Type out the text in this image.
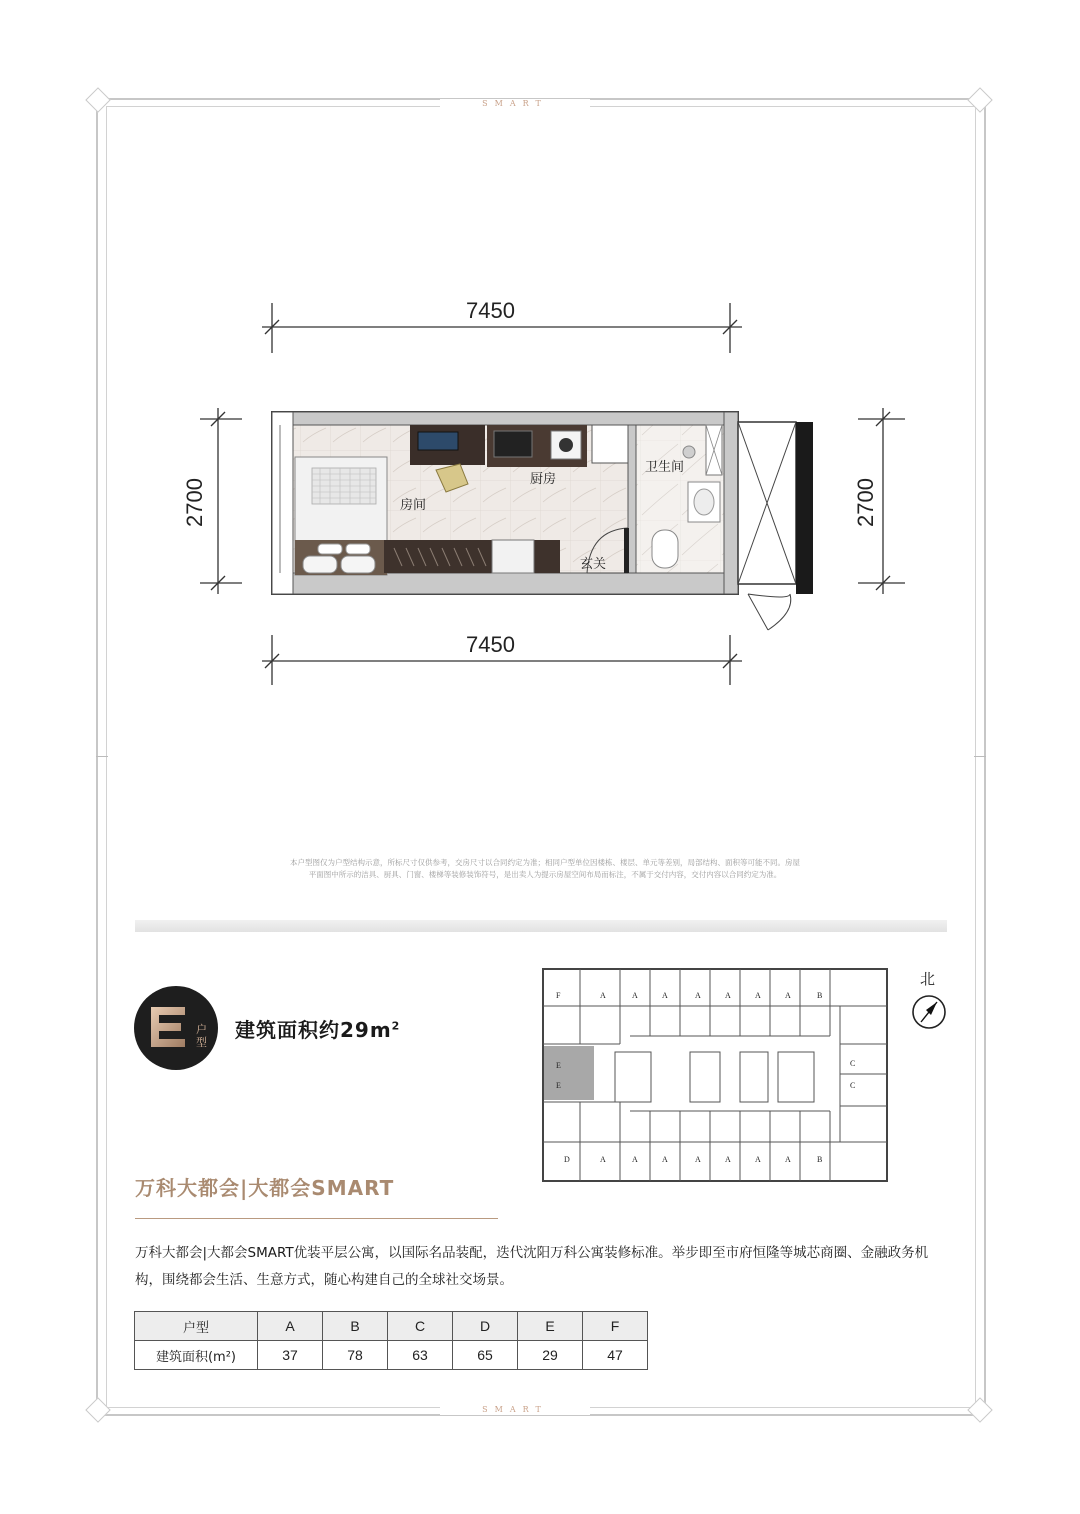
SMART
SMART
7450
7450
2700	2700
房间
厨房
卫生间
玄关
本户型图仅为户型结构示意，所标尺寸仅供参考，交房尺寸以合同约定为准；相同户型单位因楼栋、楼层、单元等差别，局部结构、面积等可能不同。房屋
平面图中所示的洁具、厨具、门窗、楼梯等装修装饰符号，是出卖人为提示房屋空间布局而标注，不属于交付内容，交付内容以合同约定为准。
户型
建筑面积约$29m^2$
F	A	A	A	A	A	A	A	B
C
C
E
E
D	A	A	A	A	A	A	A	B
北
万科大都会|大都会SMART
万科大都会|大都会SMART优装平层公寓，以国际名品装配，迭代沈阳万科公寓装修标准。举步即至市府恒隆等城芯商圈、金融政务机构，围绕都会生活、生意方式，随心构建自己的全球社交场景。
户型	A	B	C	D	E	F
建筑面积(m²)	37	78	63	65	29	47
